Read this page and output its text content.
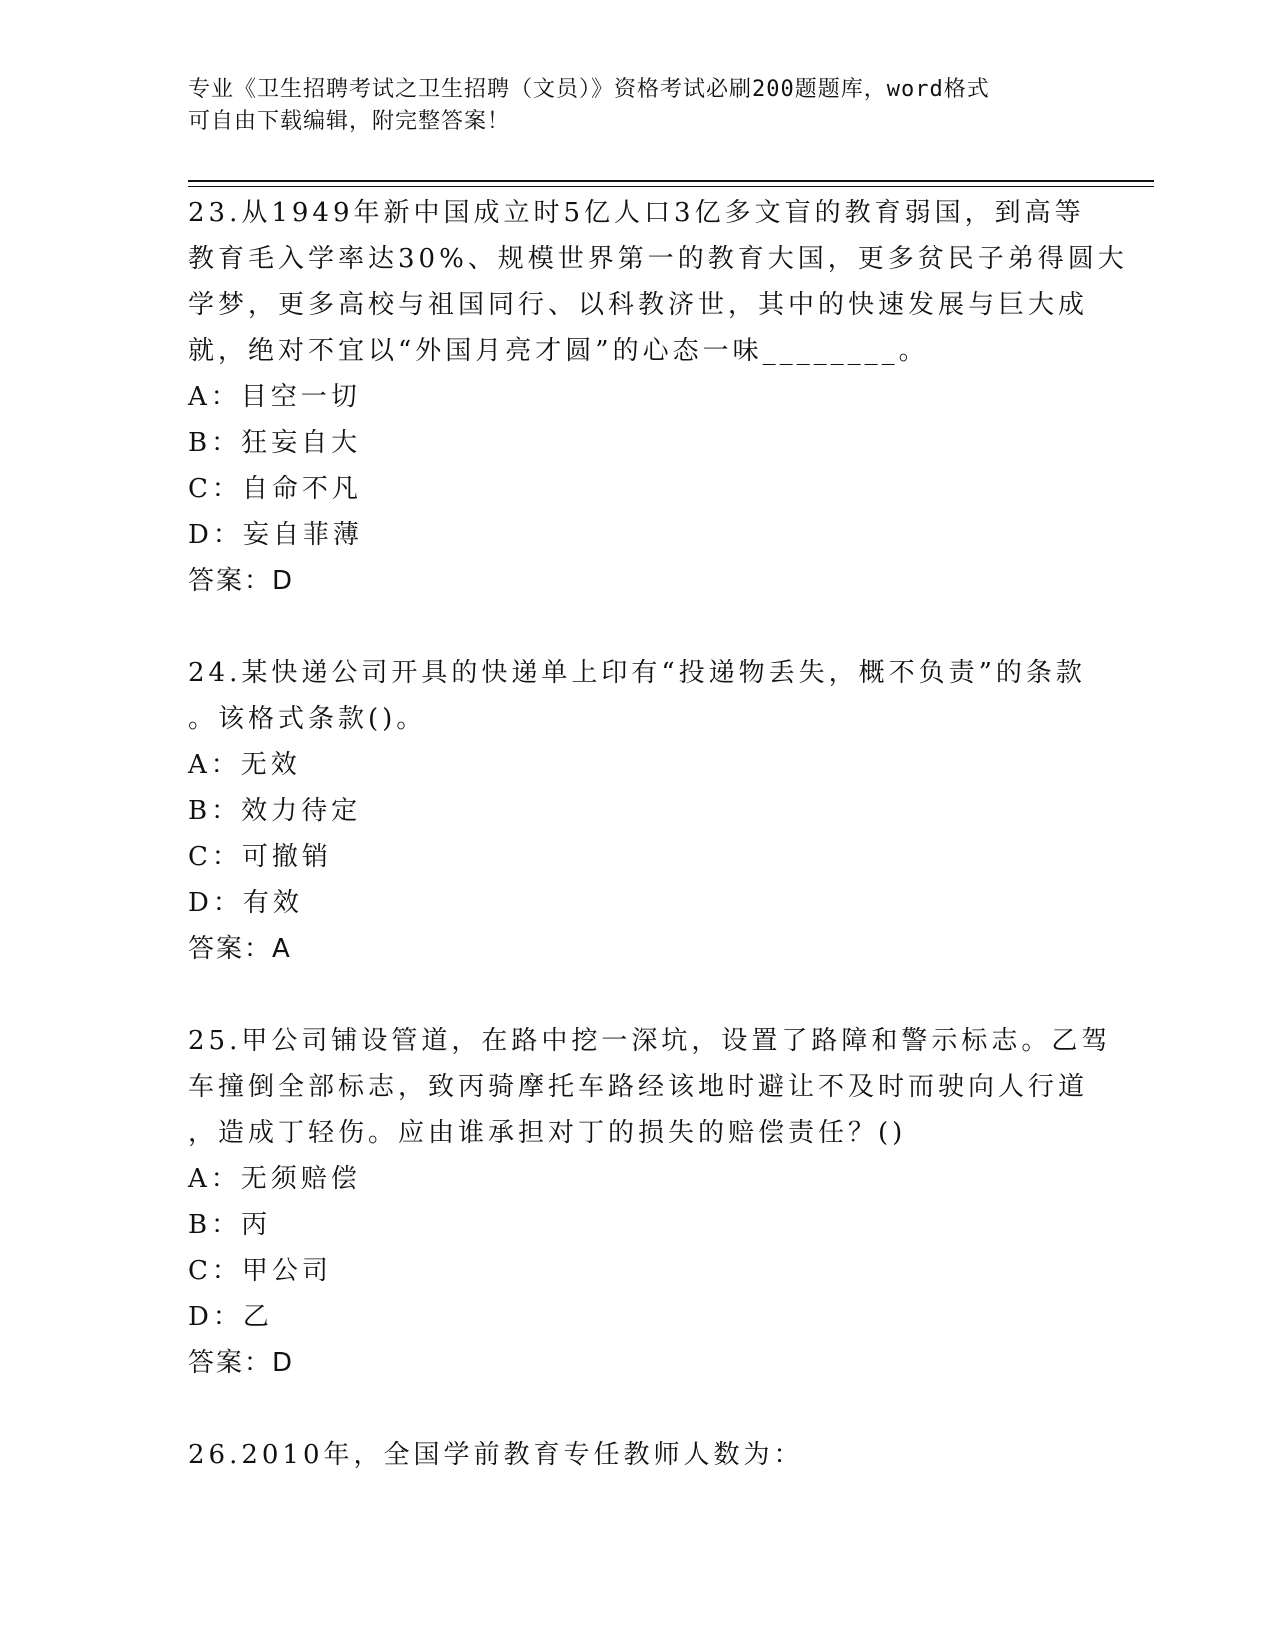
专业《卫生招聘考试之卫生招聘（文员）》资格考试必刷200题题库，word格式
可自由下载编辑，附完整答案！
23.从1949年新中国成立时5亿人口3亿多文盲的教育弱国，到高等
教育毛入学率达30%、规模世界第一的教育大国，更多贫民子弟得圆大
学梦，更多高校与祖国同行、以科教济世，其中的快速发展与巨大成
就，绝对不宜以“外国月亮才圆”的心态一味________。
A：目空一切
B：狂妄自大
C：自命不凡
D：妄自菲薄
答案：D
24.某快递公司开具的快递单上印有“投递物丢失，概不负责”的条款
。该格式条款()。
A：无效
B：效力待定
C：可撤销
D：有效
答案：A
25.甲公司铺设管道，在路中挖一深坑，设置了路障和警示标志。乙驾
车撞倒全部标志，致丙骑摩托车路经该地时避让不及时而驶向人行道
，造成丁轻伤。应由谁承担对丁的损失的赔偿责任？()
A：无须赔偿
B：丙
C：甲公司
D：乙
答案：D
26.2010年，全国学前教育专任教师人数为：
